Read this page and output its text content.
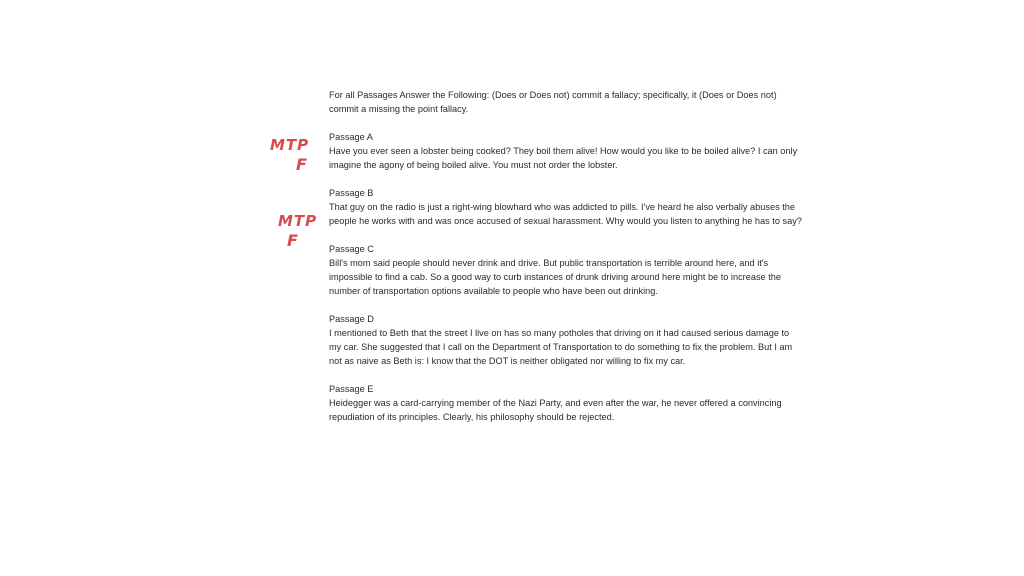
For all Passages Answer the Following: (Does or Does not) commit a fallacy; specifically, it (Does or Does not)

commit a missing the point fallacy.

Passage A

Have you ever seen a lobster being cooked? They boil them alive! How would you like to be boiled alive? I can only

imagine the agony of being boiled alive. You must not order the lobster.

Passage B

That guy on the radio is just a right-wing blowhard who was addicted to pills. I've heard he also verbally abuses the

people he works with and was once accused of sexual harassment. Why would you listen to anything he has to say?

Passage C

Bill's mom said people should never drink and drive. But public transportation is terrible around here, and it's

impossible to find a cab. So a good way to curb instances of drunk driving around here might be to increase the

number of transportation options available to people who have been out drinking.

Passage D

I mentioned to Beth that the street I live on has so many potholes that driving on it had caused serious damage to

my car. She suggested that I call on the Department of Transportation to do something to fix the problem. But I am

not as naive as Beth is: I know that the DOT is neither obligated nor willing to fix my car.

Passage E

Heidegger was a card-carrying member of the Nazi Party, and even after the war, he never offered a convincing

repudiation of its principles. Clearly, his philosophy should be rejected.

MTP
F
MTP
F
